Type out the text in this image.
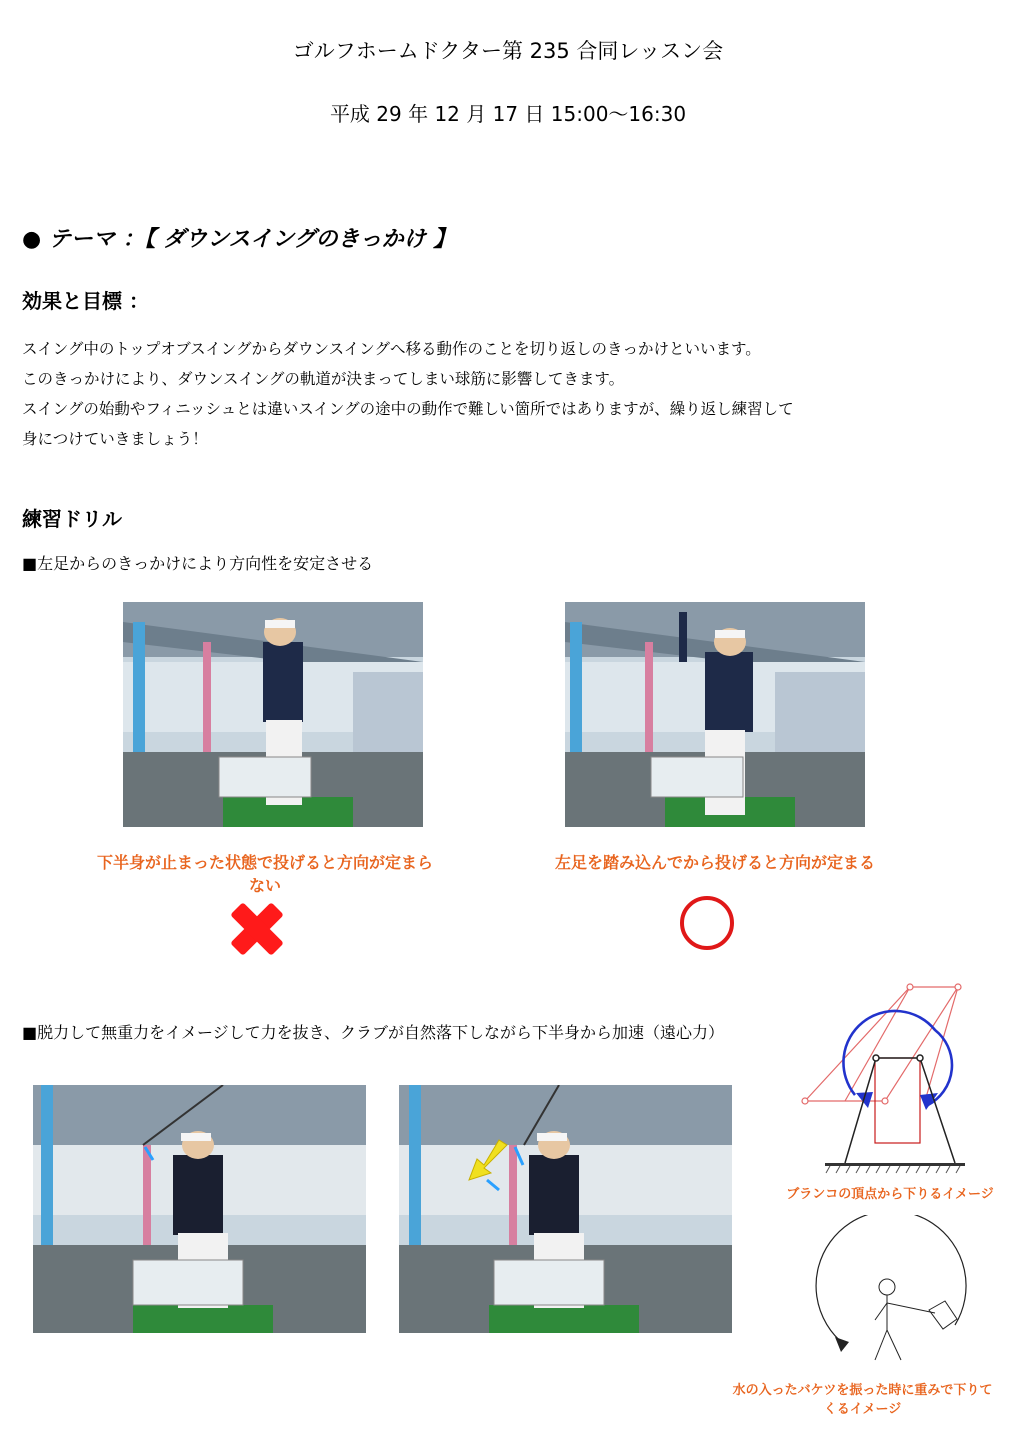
ゴルフホームドクター第 235 合同レッスン会
平成 29 年 12 月 17 日 15:00～16:30
● テーマ ：【 ダウンスイングのきっかけ 】
効果と目標 ：
スイング中のトップオブスイングからダウンスイングへ移る動作のことを切り返しのきっかけといいます。
このきっかけにより、ダウンスイングの軌道が決まってしまい球筋に影響してきます。
スイングの始動やフィニッシュとは違いスイングの途中の動作で難しい箇所ではありますが、繰り返し練習して
身につけていきましょう！
練習ドリル
■左足からのきっかけにより方向性を安定させる
下半身が止まった状態で投げると方向が定まらない
左足を踏み込んでから投げると方向が定まる
■脱力して無重力をイメージして力を抜き、クラブが自然落下しながら下半身から加速（遠心力）
ブランコの頂点から下りるイメージ
水の入ったバケツを振った時に重みで下りてくるイメージ
